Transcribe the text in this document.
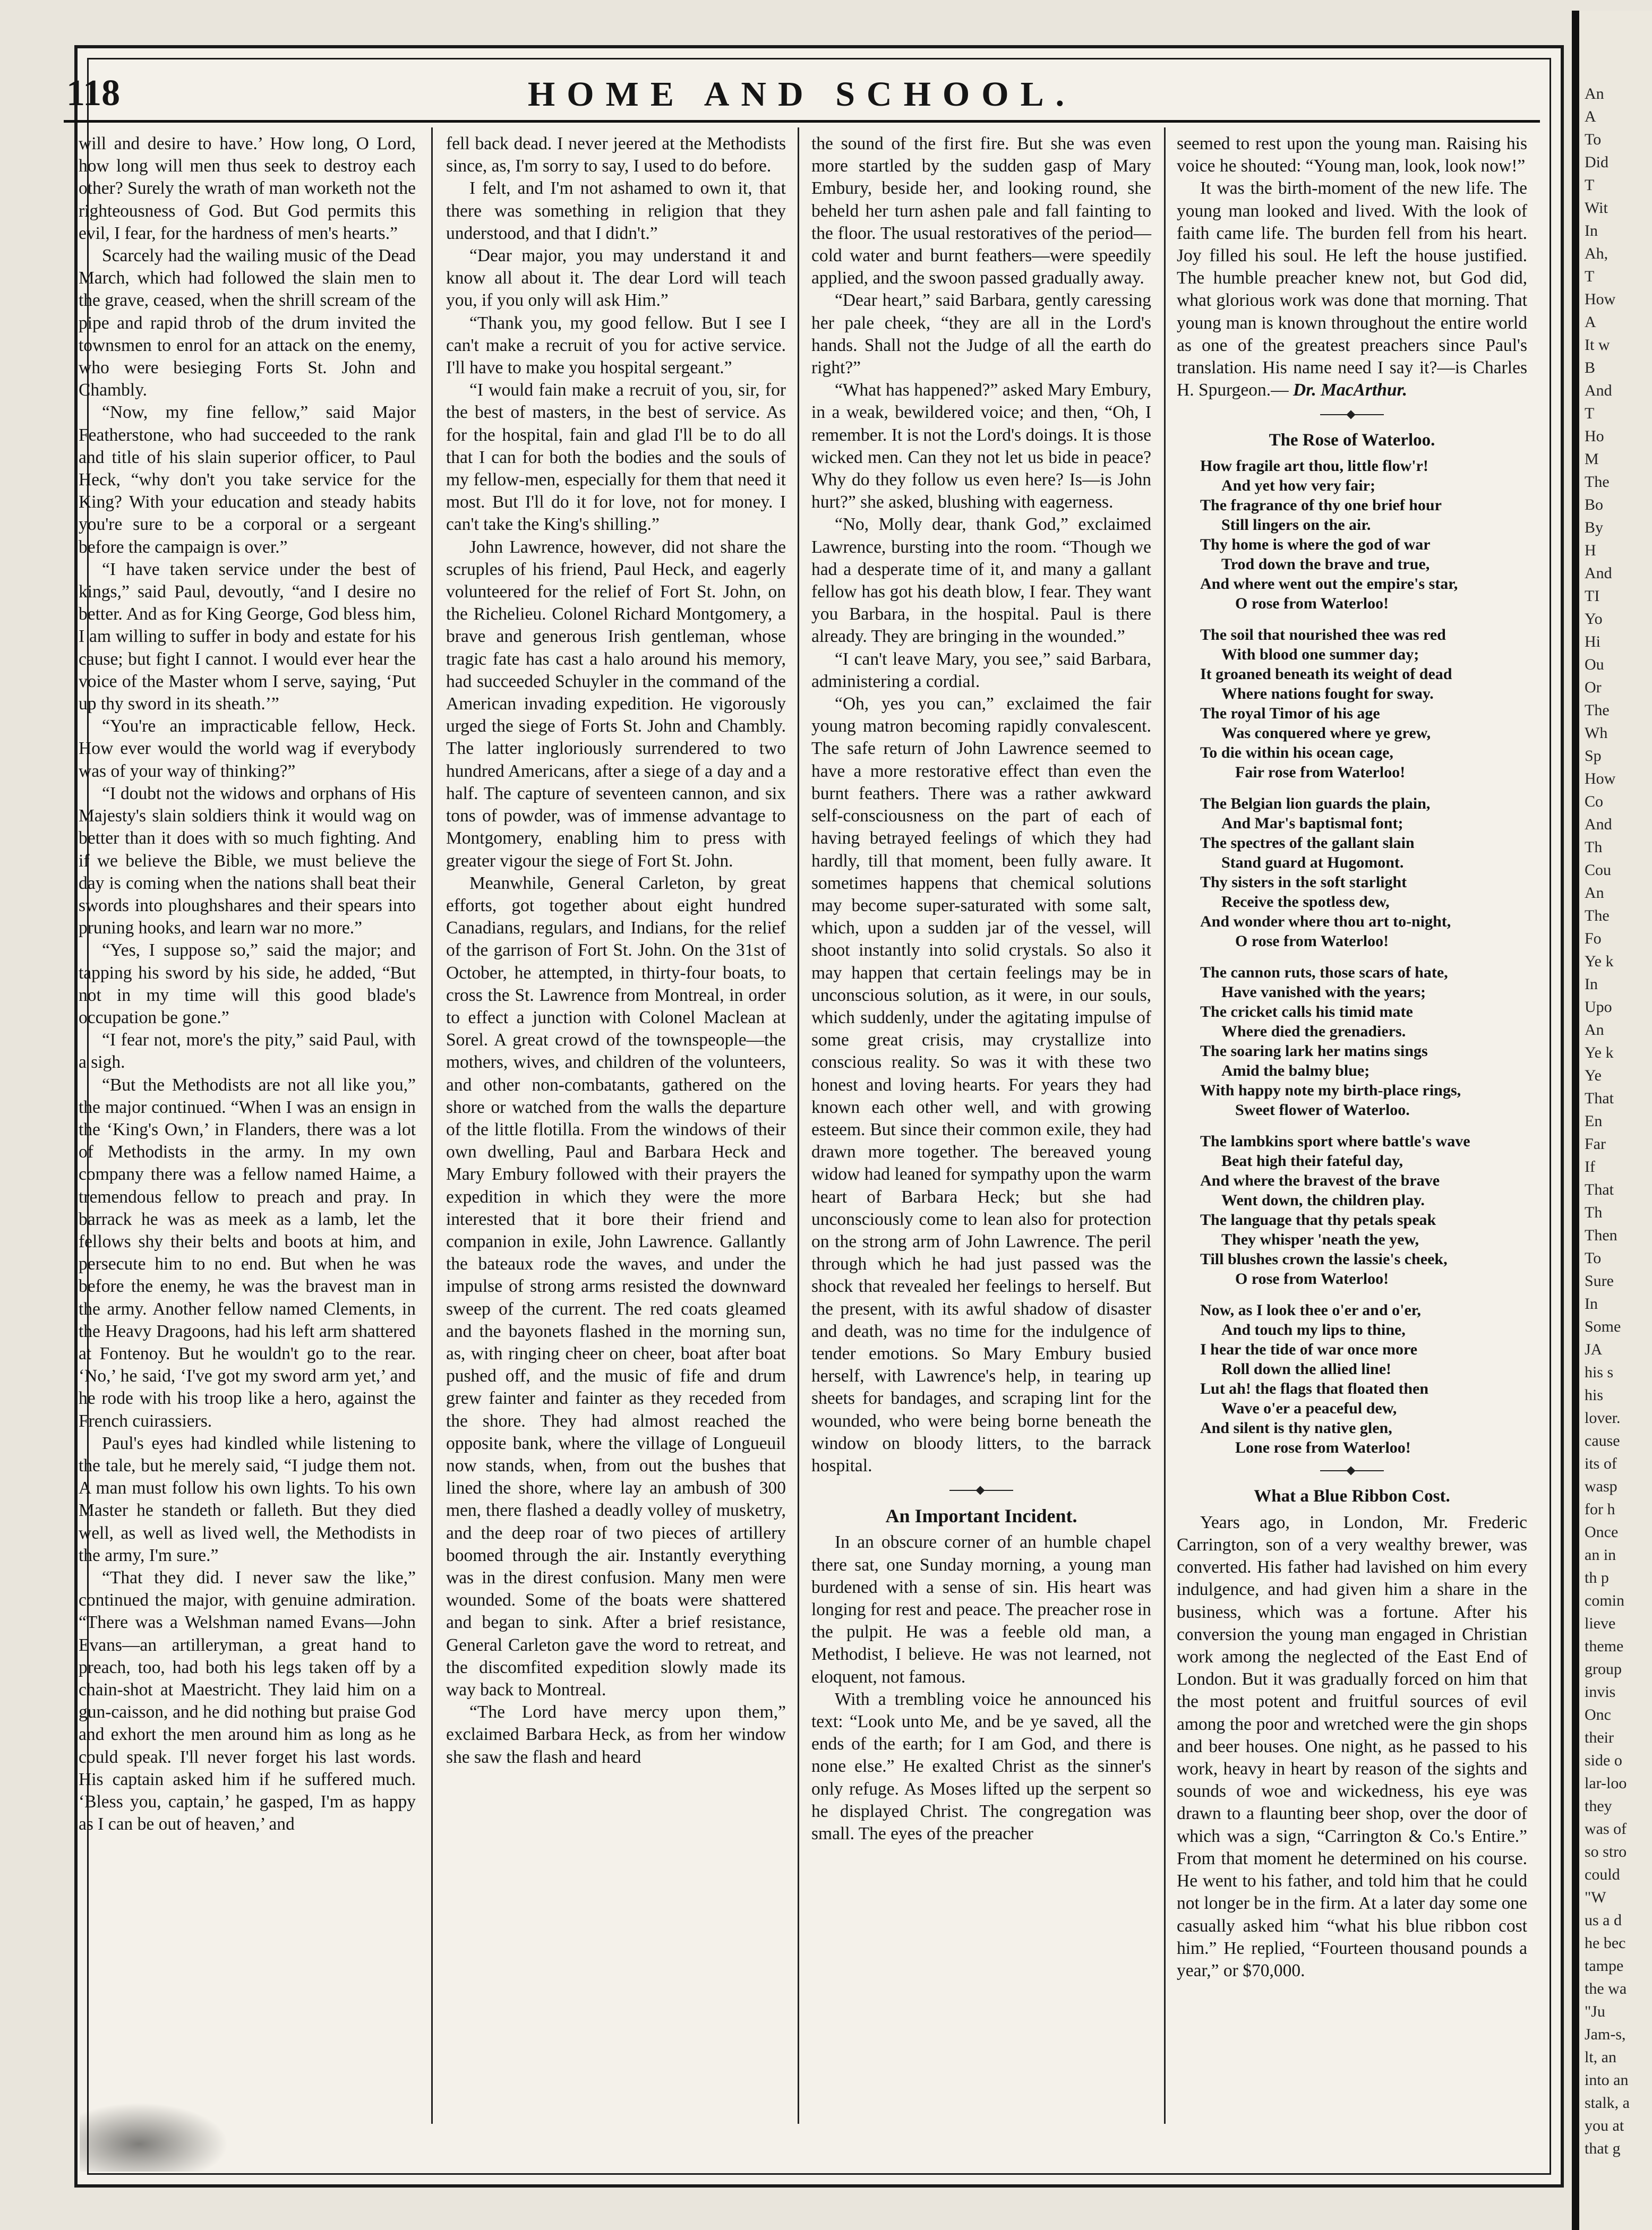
An
A
To
Did
T
Wit
In
Ah,
T
How
A
It w
B
And
T
Ho
M
The
Bo
By
H
And
TI
Yo
Hi
Ou
Or
The
Wh
Sp
How
Co
And
Th
Cou
An
The
Fo
Ye k
In
Upo
An
Ye k
Ye
That
En
Far
If
That
Th
Then
To
Sure
In
Some
JA
his s
his
lover.
cause
its of
wasp
for h
Once
an in
th p
comin
lieve
theme
group
invis
Onc
their
side o
lar-loo
they
was of
so stro
could
"W
us a d
he bec
tampe
the wa
"Ju
Jam-s,
lt, an
into an
stalk, a
you at
that g
118	HOME AND SCHOOL.

will and desire to have.’ How long, O Lord, how long will men thus seek to destroy each other? Surely the wrath of man worketh not the righteousness of God. But God permits this evil, I fear, for the hardness of men's hearts.”

Scarcely had the wailing music of the Dead March, which had followed the slain men to the grave, ceased, when the shrill scream of the pipe and rapid throb of the drum invited the townsmen to enrol for an attack on the enemy, who were besieging Forts St. John and Chambly.

“Now, my fine fellow,” said Major Featherstone, who had succeeded to the rank and title of his slain superior officer, to Paul Heck, “why don't you take service for the King? With your education and steady habits you're sure to be a corporal or a sergeant before the campaign is over.”

“I have taken service under the best of kings,” said Paul, devoutly, “and I desire no better. And as for King George, God bless him, I am willing to suffer in body and estate for his cause; but fight I cannot. I would ever hear the voice of the Master whom I serve, saying, ‘Put up thy sword in its sheath.’”

“You're an impracticable fellow, Heck. How ever would the world wag if everybody was of your way of thinking?”

“I doubt not the widows and orphans of His Majesty's slain soldiers think it would wag on better than it does with so much fighting. And if we believe the Bible, we must believe the day is coming when the nations shall beat their swords into ploughshares and their spears into pruning hooks, and learn war no more.”

“Yes, I suppose so,” said the major; and tapping his sword by his side, he added, “But not in my time will this good blade's occupation be gone.”

“I fear not, more's the pity,” said Paul, with a sigh.

“But the Methodists are not all like you,” the major continued. “When I was an ensign in the ‘King's Own,’ in Flanders, there was a lot of Methodists in the army. In my own company there was a fellow named Haime, a tremendous fellow to preach and pray. In barrack he was as meek as a lamb, let the fellows shy their belts and boots at him, and persecute him to no end. But when he was before the enemy, he was the bravest man in the army. Another fellow named Clements, in the Heavy Dragoons, had his left arm shattered at Fontenoy. But he wouldn't go to the rear. ‘No,’ he said, ‘I've got my sword arm yet,’ and he rode with his troop like a hero, against the French cuirassiers.

Paul's eyes had kindled while listening to the tale, but he merely said, “I judge them not. A man must follow his own lights. To his own Master he standeth or falleth. But they died well, as well as lived well, the Methodists in the army, I'm sure.”

“That they did. I never saw the like,” continued the major, with genuine admiration. “There was a Welshman named Evans—John Evans—an artilleryman, a great hand to preach, too, had both his legs taken off by a chain-shot at Maestricht. They laid him on a gun-caisson, and he did nothing but praise God and exhort the men around him as long as he could speak. I'll never forget his last words. His captain asked him if he suffered much. ‘Bless you, captain,’ he gasped, I'm as happy as I can be out of heaven,’ and

fell back dead. I never jeered at the Methodists since, as, I'm sorry to say, I used to do before.

I felt, and I'm not ashamed to own it, that there was something in religion that they understood, and that I didn't.”

“Dear major, you may understand it and know all about it. The dear Lord will teach you, if you only will ask Him.”

“Thank you, my good fellow. But I see I can't make a recruit of you for active service. I'll have to make you hospital sergeant.”

“I would fain make a recruit of you, sir, for the best of masters, in the best of service. As for the hospital, fain and glad I'll be to do all that I can for both the bodies and the souls of my fellow-men, especially for them that need it most. But I'll do it for love, not for money. I can't take the King's shilling.”

John Lawrence, however, did not share the scruples of his friend, Paul Heck, and eagerly volunteered for the relief of Fort St. John, on the Richelieu. Colonel Richard Montgomery, a brave and generous Irish gentleman, whose tragic fate has cast a halo around his memory, had succeeded Schuyler in the command of the American invading expedition. He vigorously urged the siege of Forts St. John and Chambly. The latter ingloriously surrendered to two hundred Americans, after a siege of a day and a half. The capture of seventeen cannon, and six tons of powder, was of immense advantage to Montgomery, enabling him to press with greater vigour the siege of Fort St. John.

Meanwhile, General Carleton, by great efforts, got together about eight hundred Canadians, regulars, and Indians, for the relief of the garrison of Fort St. John. On the 31st of October, he attempted, in thirty-four boats, to cross the St. Lawrence from Montreal, in order to effect a junction with Colonel Maclean at Sorel. A great crowd of the townspeople—the mothers, wives, and children of the volunteers, and other non-combatants, gathered on the shore or watched from the walls the departure of the little flotilla. From the windows of their own dwelling, Paul and Barbara Heck and Mary Embury followed with their prayers the expedition in which they were the more interested that it bore their friend and companion in exile, John Lawrence. Gallantly the bateaux rode the waves, and under the impulse of strong arms resisted the downward sweep of the current. The red coats gleamed and the bayonets flashed in the morning sun, as, with ringing cheer on cheer, boat after boat pushed off, and the music of fife and drum grew fainter and fainter as they receded from the shore. They had almost reached the opposite bank, where the village of Longueuil now stands, when, from out the bushes that lined the shore, where lay an ambush of 300 men, there flashed a deadly volley of musketry, and the deep roar of two pieces of artillery boomed through the air. Instantly everything was in the direst confusion. Many men were wounded. Some of the boats were shattered and began to sink. After a brief resistance, General Carleton gave the word to retreat, and the discomfited expedition slowly made its way back to Montreal.

“The Lord have mercy upon them,” exclaimed Barbara Heck, as from her window she saw the flash and heard

the sound of the first fire. But she was even more startled by the sudden gasp of Mary Embury, beside her, and looking round, she beheld her turn ashen pale and fall fainting to the floor. The usual restoratives of the period—cold water and burnt feathers—were speedily applied, and the swoon passed gradually away.

“Dear heart,” said Barbara, gently caressing her pale cheek, “they are all in the Lord's hands. Shall not the Judge of all the earth do right?”

“What has happened?” asked Mary Embury, in a weak, bewildered voice; and then, “Oh, I remember. It is not the Lord's doings. It is those wicked men. Can they not let us bide in peace? Why do they follow us even here? Is—is John hurt?” she asked, blushing with eagerness.

“No, Molly dear, thank God,” exclaimed Lawrence, bursting into the room. “Though we had a desperate time of it, and many a gallant fellow has got his death blow, I fear. They want you Barbara, in the hospital. Paul is there already. They are bringing in the wounded.”

“I can't leave Mary, you see,” said Barbara, administering a cordial.

“Oh, yes you can,” exclaimed the fair young matron becoming rapidly convalescent. The safe return of John Lawrence seemed to have a more restorative effect than even the burnt feathers. There was a rather awkward self-consciousness on the part of each of having betrayed feelings of which they had hardly, till that moment, been fully aware. It sometimes happens that chemical solutions may become super-saturated with some salt, which, upon a sudden jar of the vessel, will shoot instantly into solid crystals. So also it may happen that certain feelings may be in unconscious solution, as it were, in our souls, which suddenly, under the agitating impulse of some great crisis, may crystallize into conscious reality. So was it with these two honest and loving hearts. For years they had known each other well, and with growing esteem. But since their common exile, they had drawn more together. The bereaved young widow had leaned for sympathy upon the warm heart of Barbara Heck; but she had unconsciously come to lean also for protection on the strong arm of John Lawrence. The peril through which he had just passed was the shock that revealed her feelings to herself. But the present, with its awful shadow of disaster and death, was no time for the indulgence of tender emotions. So Mary Embury busied herself, with Lawrence's help, in tearing up sheets for bandages, and scraping lint for the wounded, who were being borne beneath the window on bloody litters, to the barrack hospital.

An Important Incident.

In an obscure corner of an humble chapel there sat, one Sunday morning, a young man burdened with a sense of sin. His heart was longing for rest and peace. The preacher rose in the pulpit. He was a feeble old man, a Methodist, I believe. He was not learned, not eloquent, not famous.

With a trembling voice he announced his text: “Look unto Me, and be ye saved, all the ends of the earth; for I am God, and there is none else.” He exalted Christ as the sinner's only refuge. As Moses lifted up the serpent so he displayed Christ. The congregation was small. The eyes of the preacher

seemed to rest upon the young man. Raising his voice he shouted: “Young man, look, look now!”

It was the birth-moment of the new life. The young man looked and lived. With the look of faith came life. The burden fell from his heart. Joy filled his soul. He left the house justified. The humble preacher knew not, but God did, what glorious work was done that morning. That young man is known throughout the entire world as one of the greatest preachers since Paul's translation. His name need I say it?—is Charles H. Spurgeon.— Dr. MacArthur.

The Rose of Waterloo.
How fragile art thou, little flow'r!
And yet how very fair;
The fragrance of thy one brief hour
Still lingers on the air.
Thy home is where the god of war
Trod down the brave and true,
And where went out the empire's star,
O rose from Waterloo!
The soil that nourished thee was red
With blood one summer day;
It groaned beneath its weight of dead
Where nations fought for sway.
The royal Timor of his age
Was conquered where ye grew,
To die within his ocean cage,
Fair rose from Waterloo!
The Belgian lion guards the plain,
And Mar's baptismal font;
The spectres of the gallant slain
Stand guard at Hugomont.
Thy sisters in the soft starlight
Receive the spotless dew,
And wonder where thou art to-night,
O rose from Waterloo!
The cannon ruts, those scars of hate,
Have vanished with the years;
The cricket calls his timid mate
Where died the grenadiers.
The soaring lark her matins sings
Amid the balmy blue;
With happy note my birth-place rings,
Sweet flower of Waterloo.
The lambkins sport where battle's wave
Beat high their fateful day,
And where the bravest of the brave
Went down, the children play.
The language that thy petals speak
They whisper 'neath the yew,
Till blushes crown the lassie's cheek,
O rose from Waterloo!
Now, as I look thee o'er and o'er,
And touch my lips to thine,
I hear the tide of war once more
Roll down the allied line!
Lut ah! the flags that floated then
Wave o'er a peaceful dew,
And silent is thy native glen,
Lone rose from Waterloo!
What a Blue Ribbon Cost.

Years ago, in London, Mr. Frederic Carrington, son of a very wealthy brewer, was converted. His father had lavished on him every indulgence, and had given him a share in the business, which was a fortune. After his conversion the young man engaged in Christian work among the neglected of the East End of London. But it was gradually forced on him that the most potent and fruitful sources of evil among the poor and wretched were the gin shops and beer houses. One night, as he passed to his work, heavy in heart by reason of the sights and sounds of woe and wickedness, his eye was drawn to a flaunting beer shop, over the door of which was a sign, “Carrington & Co.'s Entire.” From that moment he determined on his course. He went to his father, and told him that he could not longer be in the firm. At a later day some one casually asked him “what his blue ribbon cost him.” He replied, “Fourteen thousand pounds a year,” or $70,000.
